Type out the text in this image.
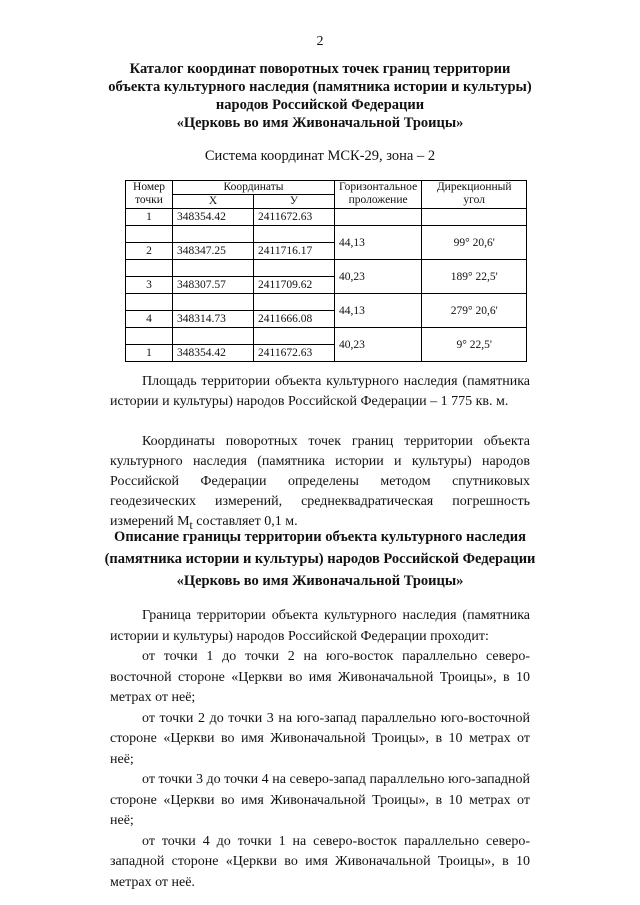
2
Каталог координат поворотных точек границ территории
объекта культурного наследия (памятника истории и культуры)
народов Российской Федерации
«Церковь во имя Живоначальной Троицы»
Система координат МСК-29, зона – 2
Номер точки	Координаты		Горизонтальное проложение	Дирекционный угол
	X	У		
1	348354.42	2411672.63		
			44,13	99° 20,6'
2	348347.25	2411716.17		
			40,23	189° 22,5'
3	348307.57	2411709.62		
			44,13	279° 20,6'
4	348314.73	2411666.08		
			40,23	9° 22,5'
1	348354.42	2411672.63		
Площадь территории объекта культурного наследия (памятника истории и культуры) народов Российской Федерации – 1 775 кв. м.
Координаты поворотных точек границ территории объекта культурного наследия (памятника истории и культуры) народов Российской Федерации определены методом спутниковых геодезических измерений, среднеквадратическая погрешность измерений $M_t$ составляет 0,1 м.
Описание границы территории объекта культурного наследия
(памятника истории и культуры) народов Российской Федерации
«Церковь во имя Живоначальной Троицы»
Граница территории объекта культурного наследия (памятника истории и культуры) народов Российской Федерации проходит:
от точки 1 до точки 2 на юго-восток параллельно северо-восточной стороне «Церкви во имя Живоначальной Троицы», в 10 метрах от неё;
от точки 2 до точки 3 на юго-запад параллельно юго-восточной стороне «Церкви во имя Живоначальной Троицы», в 10 метрах от неё;
от точки 3 до точки 4 на северо-запад параллельно юго-западной стороне «Церкви во имя Живоначальной Троицы», в 10 метрах от неё;
от точки 4 до точки 1 на северо-восток параллельно северо-западной стороне «Церкви во имя Живоначальной Троицы», в 10 метрах от неё.
